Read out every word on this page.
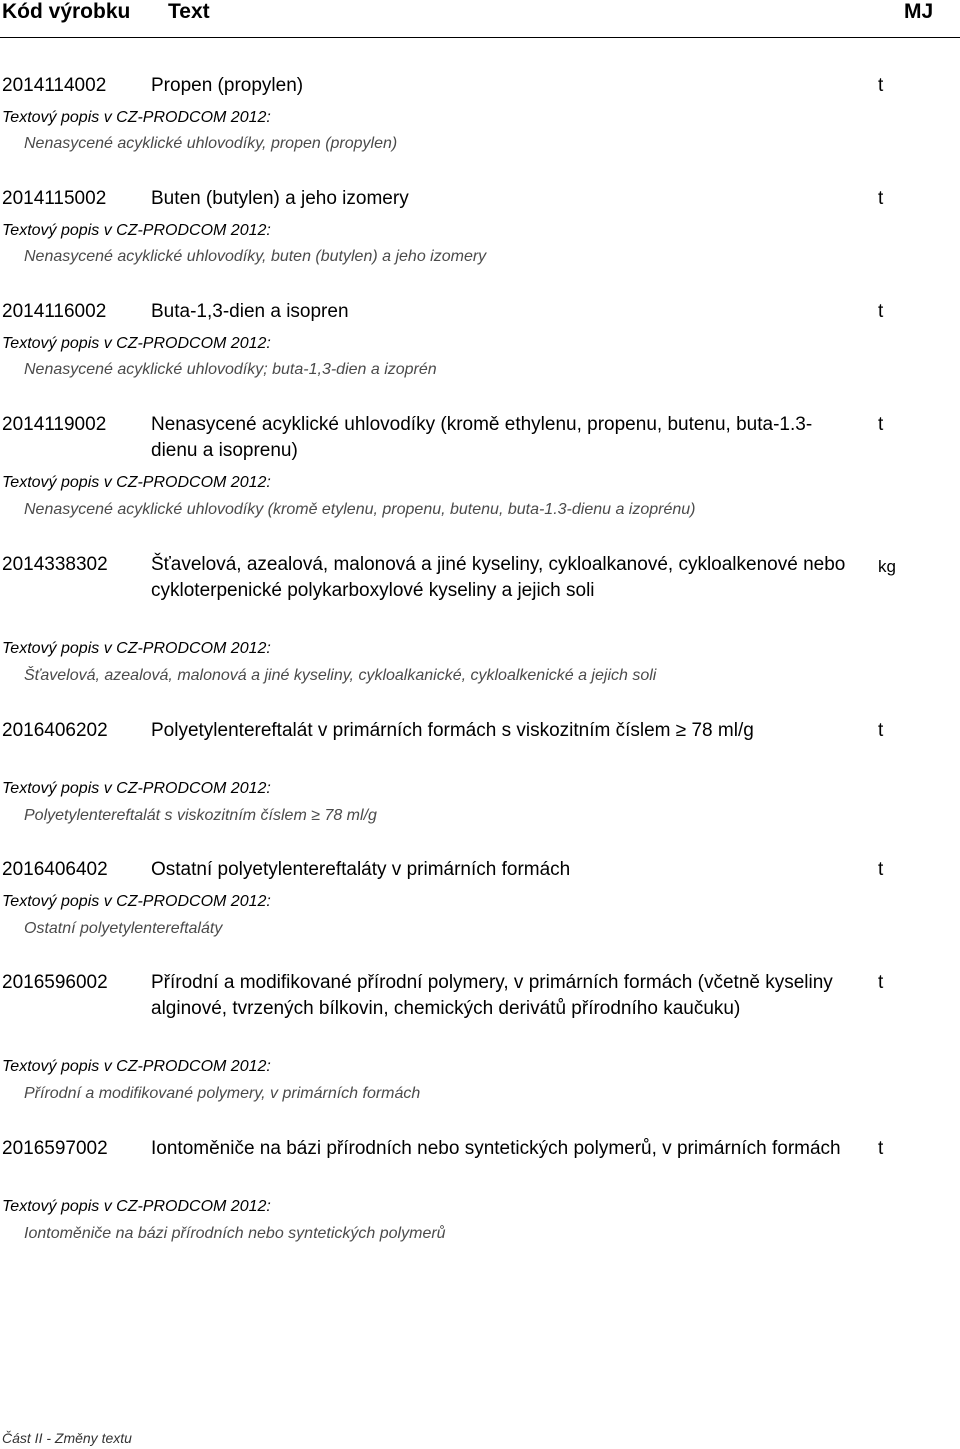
Kód výrobku Text	MJ
2014114002 Propen (propylen)	t
Textový popis v CZ-PRODCOM 2012:
Nenasycené acyklické uhlovodíky, propen (propylen)
2014115002 Buten (butylen) a jeho izomery	t
Textový popis v CZ-PRODCOM 2012:
Nenasycené acyklické uhlovodíky, buten (butylen) a jeho izomery
2014116002 Buta-1,3-dien a isopren	t
Textový popis v CZ-PRODCOM 2012:
Nenasycené acyklické uhlovodíky; buta-1,3-dien a izoprén
2014119002 Nenasycené acyklické uhlovodíky (kromě ethylenu, propenu, butenu, buta-1.3-dienu a isoprenu)
t
Textový popis v CZ-PRODCOM 2012:
Nenasycené acyklické uhlovodíky (kromě etylenu, propenu, butenu, buta-1.3-dienu a izoprénu)
2014338302 Šťavelová, azealová, malonová a jiné kyseliny, cykloalkanové, cykloalkenové nebo cykloterpenické polykarboxylové kyseliny a jejich soli
kg
Textový popis v CZ-PRODCOM 2012:
Šťavelová, azealová, malonová a jiné kyseliny, cykloalkanické, cykloalkenické a jejich soli
2016406202 Polyetylentereftalát v primárních formách s viskozitním číslem ≥ 78 ml/g	t
Textový popis v CZ-PRODCOM 2012:
Polyetylentereftalát s viskozitním číslem ≥ 78 ml/g
2016406402 Ostatní polyetylentereftaláty v primárních formách	t
Textový popis v CZ-PRODCOM 2012:
Ostatní polyetylentereftaláty
2016596002 Přírodní a modifikované přírodní polymery, v primárních formách (včetně kyseliny alginové, tvrzených bílkovin, chemických derivátů přírodního kaučuku)
t
Textový popis v CZ-PRODCOM 2012:
Přírodní a modifikované polymery, v primárních formách
2016597002 Iontoměniče na bázi přírodních nebo syntetických polymerů, v primárních formách	t
Textový popis v CZ-PRODCOM 2012:
Iontoměniče na bázi přírodních nebo syntetických polymerů
Část II - Změny textu
